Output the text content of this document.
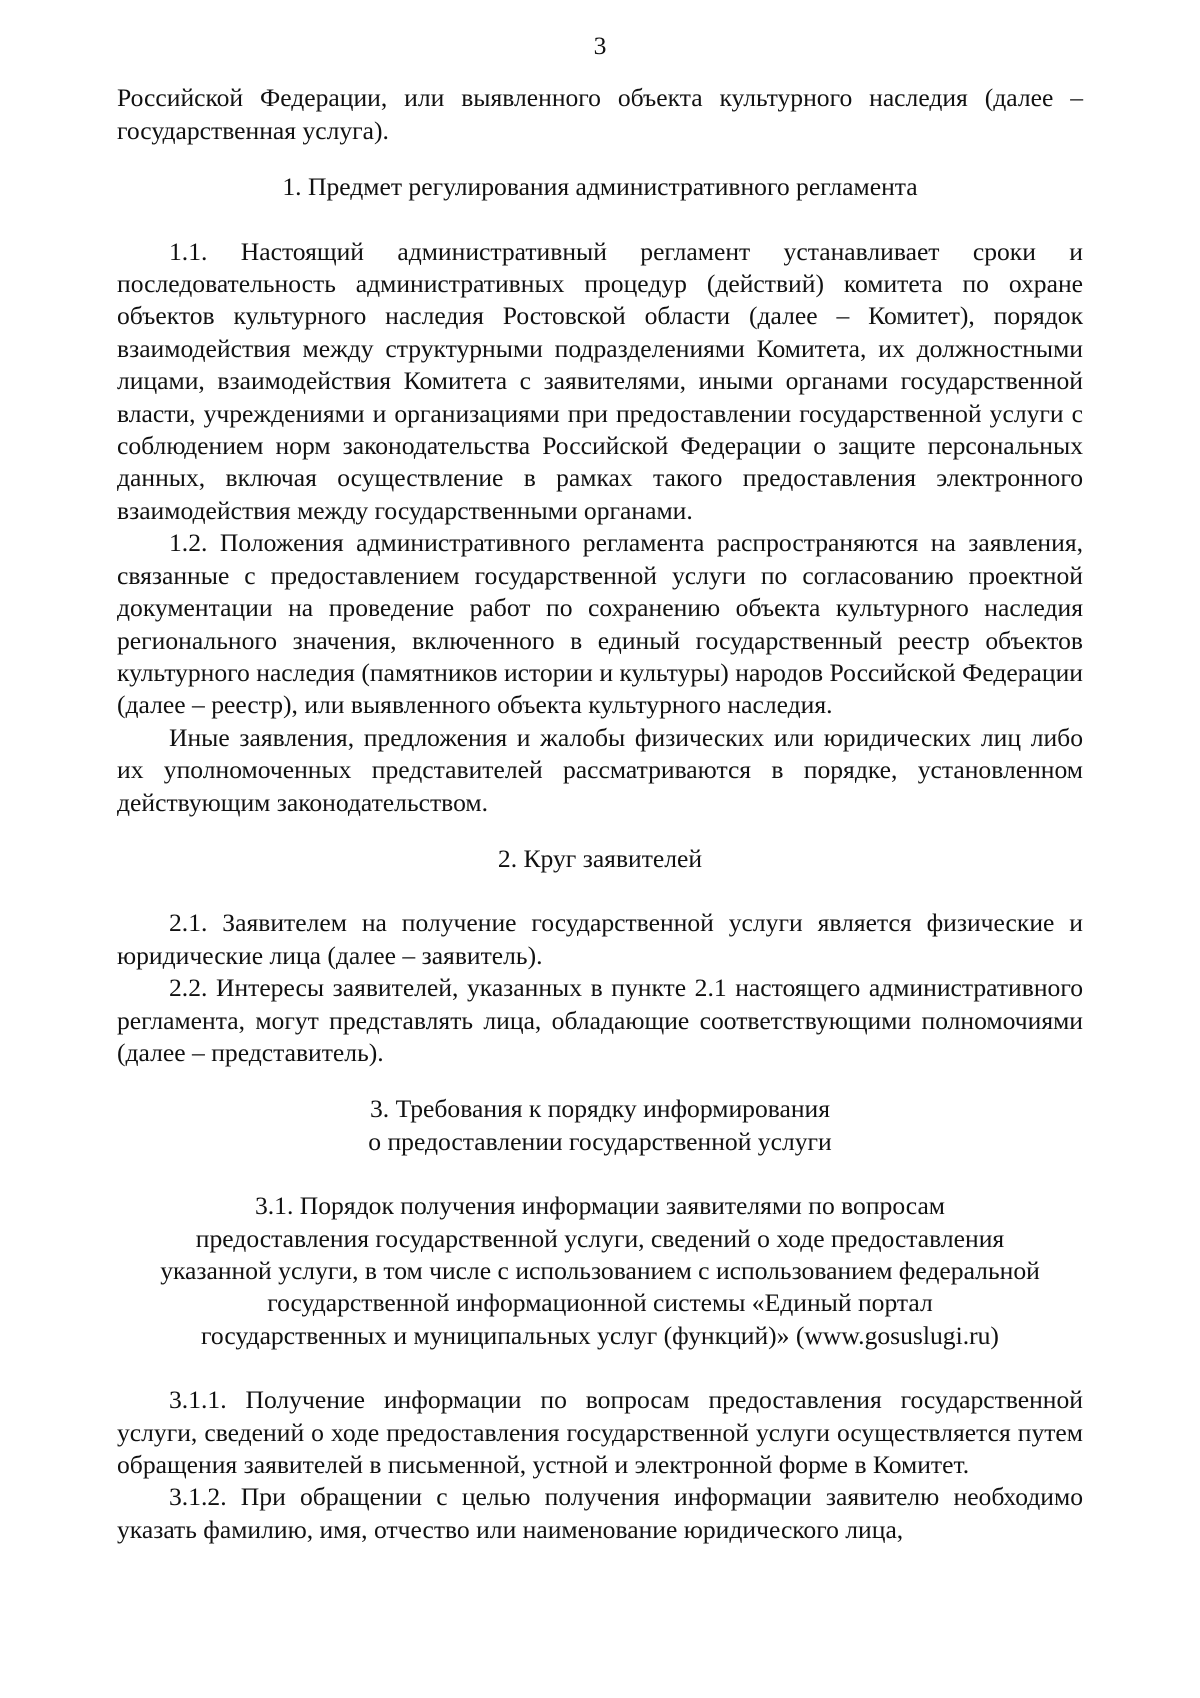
3

Российской Федерации, или выявленного объекта культурного наследия (далее – государственная услуга).

1. Предмет регулирования административного регламента

1.1. Настоящий административный регламент устанавливает сроки и последовательность административных процедур (действий) комитета по охране объектов культурного наследия Ростовской области (далее – Комитет), порядок взаимодействия между структурными подразделениями Комитета, их должностными лицами, взаимодействия Комитета с заявителями, иными органами государственной власти, учреждениями и организациями при предоставлении государственной услуги с соблюдением норм законодательства Российской Федерации о защите персональных данных, включая осуществление в рамках такого предоставления электронного взаимодействия между государственными органами.

1.2. Положения административного регламента распространяются на заявления, связанные с предоставлением государственной услуги по согласованию проектной документации на проведение работ по сохранению объекта культурного наследия регионального значения, включенного в единый государственный реестр объектов культурного наследия (памятников истории и культуры) народов Российской Федерации (далее – реестр), или выявленного объекта культурного наследия.

Иные заявления, предложения и жалобы физических или юридических лиц либо их уполномоченных представителей рассматриваются в порядке, установленном действующим законодательством.

2. Круг заявителей

2.1. Заявителем на получение государственной услуги является физические и юридические лица (далее – заявитель).

2.2. Интересы заявителей, указанных в пункте 2.1 настоящего административного регламента, могут представлять лица, обладающие соответствующими полномочиями (далее – представитель).

3. Требования к порядку информирования
о предоставлении государственной услуги
3.1. Порядок получения информации заявителями по вопросам
предоставления государственной услуги, сведений о ходе предоставления
указанной услуги, в том числе с использованием с использованием федеральной
государственной информационной системы «Единый портал
государственных и муниципальных услуг (функций)» (www.gosuslugi.ru)

3.1.1. Получение информации по вопросам предоставления государственной услуги, сведений о ходе предоставления государственной услуги осуществляется путем обращения заявителей в письменной, устной и электронной форме в Комитет.

3.1.2. При обращении с целью получения информации заявителю необходимо указать фамилию, имя, отчество или наименование юридического лица,
